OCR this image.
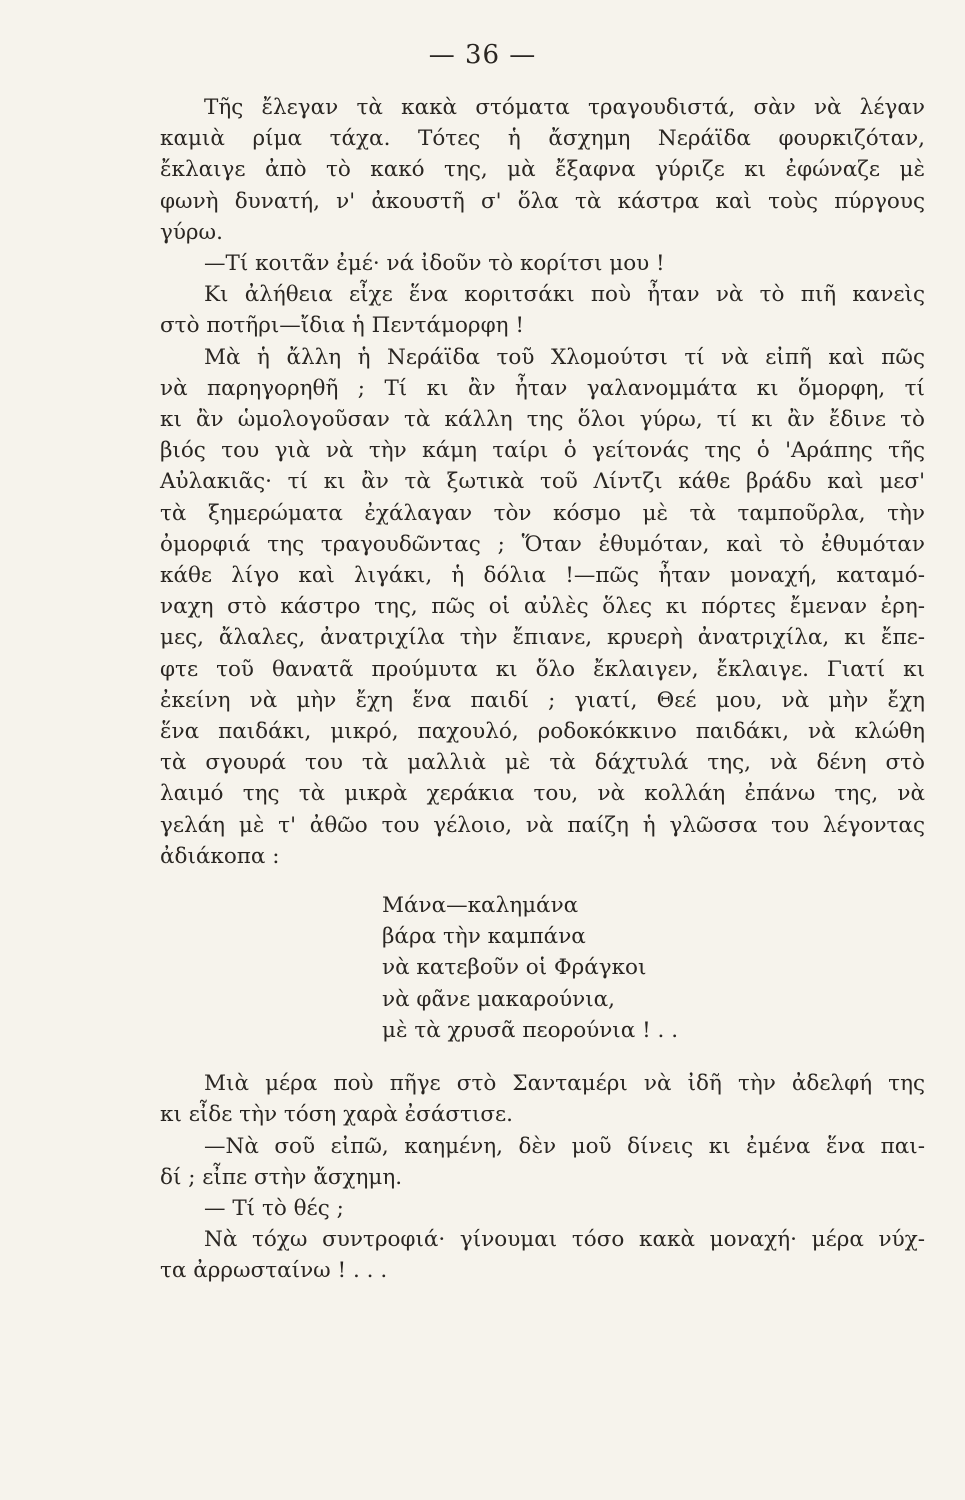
— 36 —

Τῆς ἔλεγαν τὰ κακὰ στόματα τραγουδιστά, σὰν νὰ λέγαν

καμιὰ ρίμα τάχα. Τότες ἡ ἄσχημη Νεράϊδα φουρκιζόταν,

ἔκλαιγε ἀπὸ τὸ κακό της, μὰ ἔξαφνα γύριζε κι ἐφώναζε μὲ

φωνὴ δυνατή, ν' ἀκουστῆ σ' ὅλα τὰ κάστρα καὶ τοὺς πύργους

γύρω.

—Τί κοιτᾶν ἐμέ· νά ἰδοῦν τὸ κορίτσι μου !

Κι ἀλήθεια εἶχε ἕνα κοριτσάκι ποὺ ἦταν νὰ τὸ πιῆ κανεὶς

στὸ ποτῆρι—ἴδια ἡ Πεντάμορφη !

Μὰ ἡ ἄλλη ἡ Νεράϊδα τοῦ Χλομούτσι τί νὰ εἰπῆ καὶ πῶς

νὰ παρηγορηθῆ ; Τί κι ἂν ἦταν γαλανομμάτα κι ὅμορφη, τί

κι ἂν ὡμολογοῦσαν τὰ κάλλη της ὅλοι γύρω, τί κι ἂν ἔδινε τὸ

βιός του γιὰ νὰ τὴν κάμη ταίρι ὁ γείτονάς της ὁ 'Αράπης τῆς

Αὐλακιᾶς· τί κι ἂν τὰ ξωτικὰ τοῦ Λίντζι κάθε βράδυ καὶ μεσ'

τὰ ξημερώματα ἐχάλαγαν τὸν κόσμο μὲ τὰ ταμποῦρλα, τὴν

ὀμορφιά της τραγουδῶντας ; Ὅταν ἐθυμόταν, καὶ τὸ ἐθυμόταν

κάθε λίγο καὶ λιγάκι, ἡ δόλια !—πῶς ἦταν μοναχή, καταμό-

ναχη στὸ κάστρο της, πῶς οἱ αὐλὲς ὅλες κι πόρτες ἔμεναν ἐρη-

μες, ἄλαλες, ἀνατριχίλα τὴν ἔπιανε, κρυερὴ ἀνατριχίλα, κι ἔπε-

φτε τοῦ θανατᾶ προύμυτα κι ὅλο ἔκλαιγεν, ἔκλαιγε. Γιατί κι

ἐκείνη νὰ μὴν ἔχη ἕνα παιδί ; γιατί, Θεέ μου, νὰ μὴν ἔχη

ἕνα παιδάκι, μικρό, παχουλό, ροδοκόκκινο παιδάκι, νὰ κλώθη

τὰ σγουρά του τὰ μαλλιὰ μὲ τὰ δάχτυλά της, νὰ δένη στὸ

λαιμό της τὰ μικρὰ χεράκια του, νὰ κολλάη ἐπάνω της, νὰ

γελάη μὲ τ' ἀθῶο του γέλοιο, νὰ παίζη ἡ γλῶσσα του λέγοντας

ἀδιάκοπα :

Μάνα—καλημάνα
βάρα τὴν καμπάνα
νὰ κατεβοῦν οἱ Φράγκοι
νὰ φᾶνε μακαρούνια,
μὲ τὰ χρυσᾶ πεορούνια ! . .

Μιὰ μέρα ποὺ πῆγε στὸ Σανταμέρι νὰ ἰδῆ τὴν ἀδελφή της

κι εἶδε τὴν τόση χαρὰ ἐσάστισε.

—Νὰ σοῦ εἰπῶ, καημένη, δὲν μοῦ δίνεις κι ἐμένα ἕνα παι-

δί ; εἶπε στὴν ἄσχημη.

— Τί τὸ θές ;

Νὰ τόχω συντροφιά· γίνουμαι τόσο κακὰ μοναχή· μέρα νύχ-

τα ἀρρωσταίνω ! . . .
